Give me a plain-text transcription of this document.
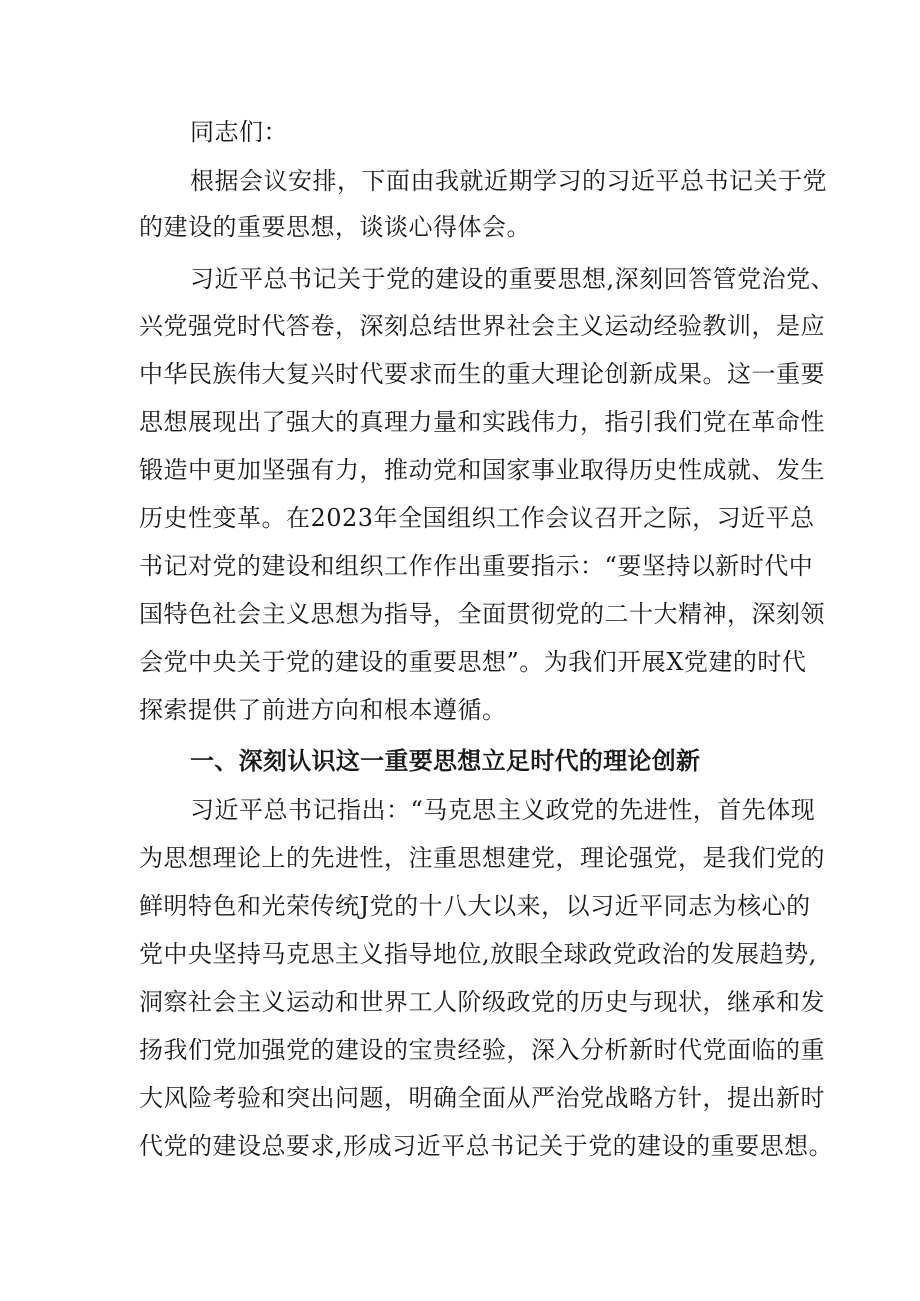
同志们：
根据会议安排，下面由我就近期学习的习近平总书记关于党
的建设的重要思想，谈谈心得体会。
习近平总书记关于党的建设的重要思想,深刻回答管党治党、
兴党强党时代答卷，深刻总结世界社会主义运动经验教训，是应
中华民族伟大复兴时代要求而生的重大理论创新成果。这一重要
思想展现出了强大的真理力量和实践伟力，指引我们党在革命性
锻造中更加坚强有力，推动党和国家事业取得历史性成就、发生
历史性变革。在2023年全国组织工作会议召开之际，习近平总
书记对党的建设和组织工作作出重要指示：“要坚持以新时代中
国特色社会主义思想为指导，全面贯彻党的二十大精神，深刻领
会党中央关于党的建设的重要思想”。为我们开展X党建的时代
探索提供了前进方向和根本遵循。
一、深刻认识这一重要思想立足时代的理论创新
习近平总书记指出：“马克思主义政党的先进性，首先体现
为思想理论上的先进性，注重思想建党，理论强党，是我们党的
鲜明特色和光荣传统J党的十八大以来，以习近平同志为核心的
党中央坚持马克思主义指导地位,放眼全球政党政治的发展趋势,
洞察社会主义运动和世界工人阶级政党的历史与现状，继承和发
扬我们党加强党的建设的宝贵经验，深入分析新时代党面临的重
大风险考验和突出问题，明确全面从严治党战略方针，提出新时
代党的建设总要求,形成习近平总书记关于党的建设的重要思想。
